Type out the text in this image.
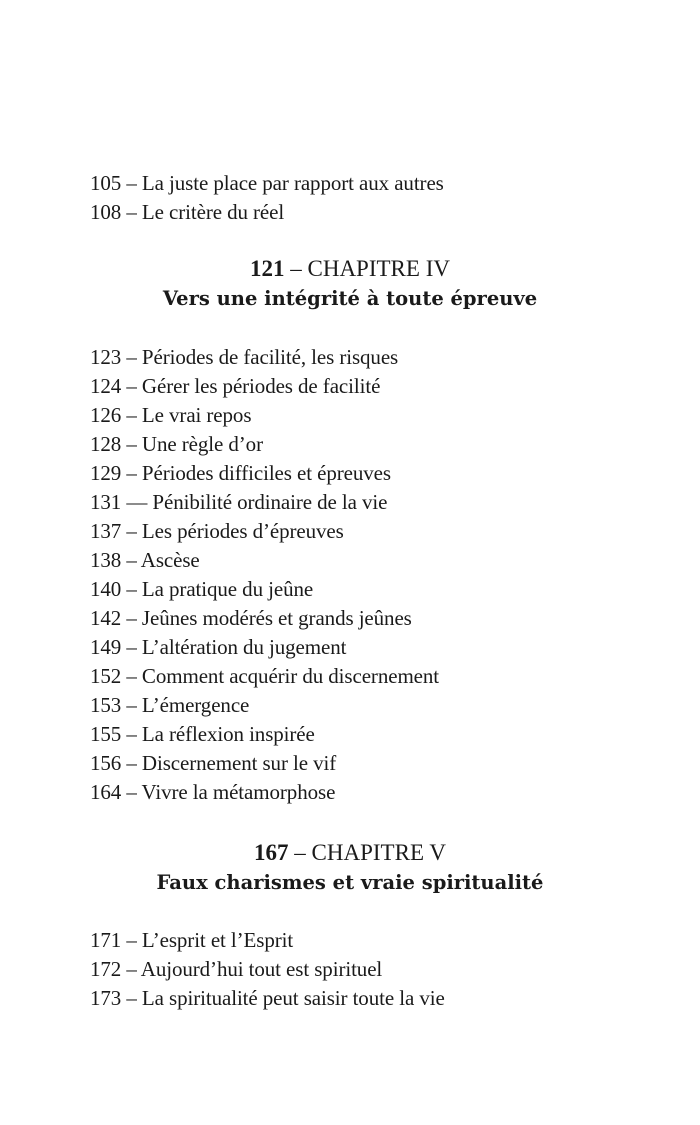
105 – La juste place par rapport aux autres
108 – Le critère du réel
121 – CHAPITRE IV
Vers une intégrité à toute épreuve
123 – Périodes de facilité, les risques
124 – Gérer les périodes de facilité
126 – Le vrai repos
128 – Une règle d’or
129 – Périodes difficiles et épreuves
131 — Pénibilité ordinaire de la vie
137 – Les périodes d’épreuves
138 – Ascèse
140 – La pratique du jeûne
142 – Jeûnes modérés et grands jeûnes
149 – L’altération du jugement
152 – Comment acquérir du discernement
153 – L’émergence
155 – La réflexion inspirée
156 – Discernement sur le vif
164 – Vivre la métamorphose
167 – CHAPITRE V
Faux charismes et vraie spiritualité
171 – L’esprit et l’Esprit
172 – Aujourd’hui tout est spirituel
173 – La spiritualité peut saisir toute la vie
